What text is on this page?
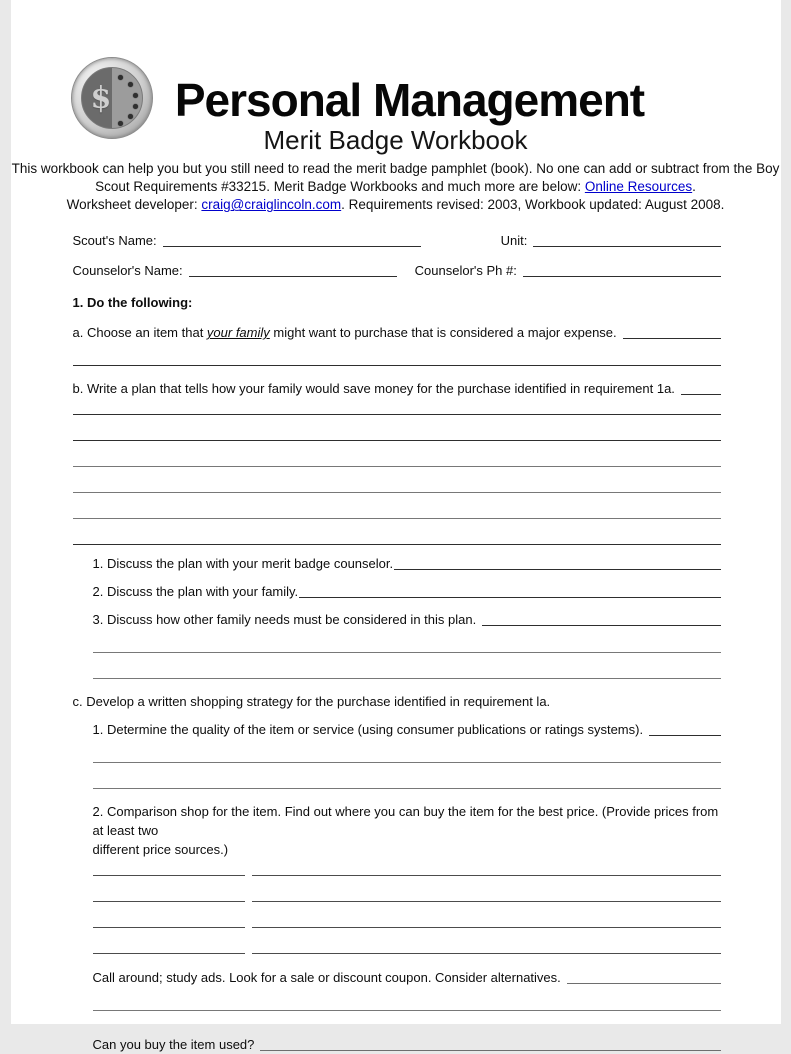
$	Personal Management
Merit Badge Workbook
This workbook can help you but you still need to read the merit badge pamphlet (book). No one can add or subtract from the Boy
Scout Requirements #33215. Merit Badge Workbooks and much more are below: Online Resources.
Worksheet developer: craig@craiglincoln.com. Requirements revised: 2003, Workbook updated: August 2008.
Scout's Name:	Unit:
Counselor's Name:	Counselor's Ph #:
1. Do the following:
a. Choose an item that your family might want to purchase that is considered a major expense.
b. Write a plan that tells how your family would save money for the purchase identified in requirement 1a.
1. Discuss the plan with your merit badge counselor.
2. Discuss the plan with your family.
3. Discuss how other family needs must be considered in this plan.
c. Develop a written shopping strategy for the purchase identified in requirement la.
1. Determine the quality of the item or service (using consumer publications or ratings systems).
2. Comparison shop for the item. Find out where you can buy the item for the best price. (Provide prices from at least two
different price sources.)
Call around; study ads. Look for a sale or discount coupon. Consider alternatives.
Can you buy the item used?
